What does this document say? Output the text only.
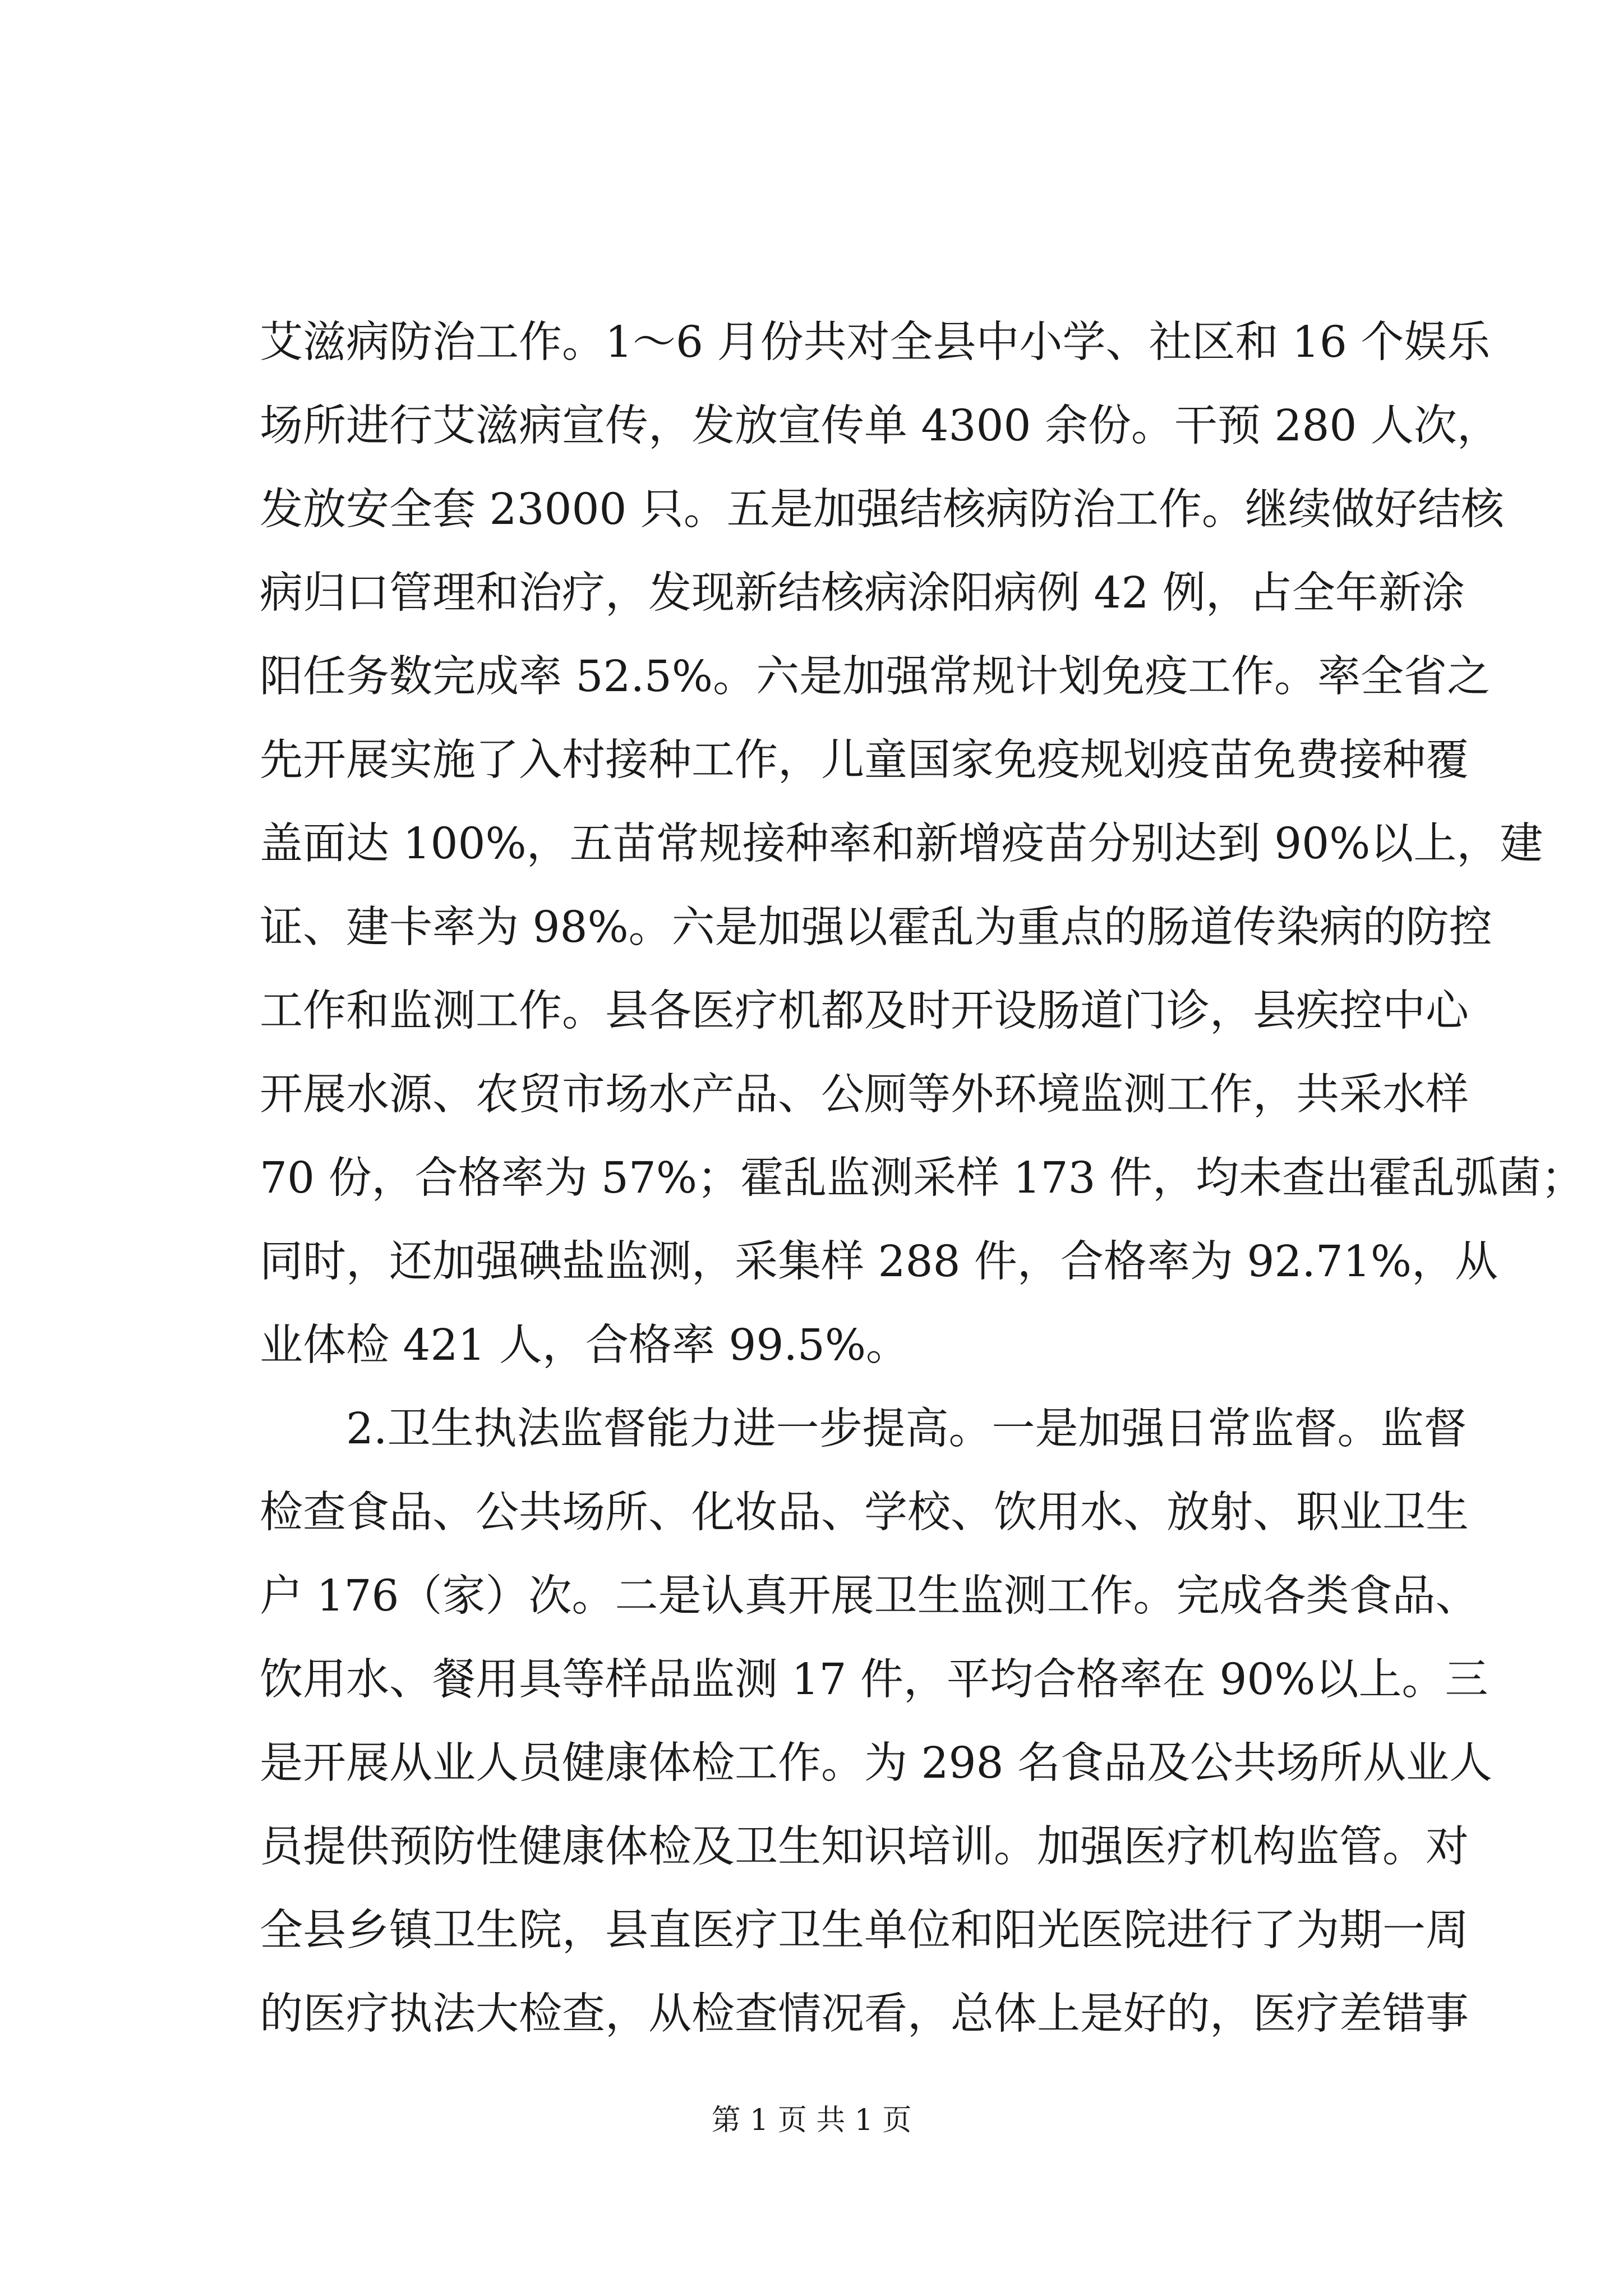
艾滋病防治工作。1～6 月份共对全县中小学、社区和 16 个娱乐
场所进行艾滋病宣传，发放宣传单 4300 余份。干预 280 人次，
发放安全套 23000 只。五是加强结核病防治工作。继续做好结核
病归口管理和治疗，发现新结核病涂阳病例 42 例，占全年新涂
阳任务数完成率 52.5%。六是加强常规计划免疫工作。率全省之
先开展实施了入村接种工作，儿童国家免疫规划疫苗免费接种覆
盖面达 100%，五苗常规接种率和新增疫苗分别达到 90%以上，建
证、建卡率为 98%。六是加强以霍乱为重点的肠道传染病的防控
工作和监测工作。县各医疗机都及时开设肠道门诊，县疾控中心
开展水源、农贸市场水产品、公厕等外环境监测工作，共采水样
70 份，合格率为 57%；霍乱监测采样 173 件，均未查出霍乱弧菌；
同时，还加强碘盐监测，采集样 288 件，合格率为 92.71%，从
业体检 421 人，合格率 99.5%。
　　2.卫生执法监督能力进一步提高。一是加强日常监督。监督
检查食品、公共场所、化妆品、学校、饮用水、放射、职业卫生
户 176（家）次。二是认真开展卫生监测工作。完成各类食品、
饮用水、餐用具等样品监测 17 件，平均合格率在 90%以上。三
是开展从业人员健康体检工作。为 298 名食品及公共场所从业人
员提供预防性健康体检及卫生知识培训。加强医疗机构监管。对
全县乡镇卫生院，县直医疗卫生单位和阳光医院进行了为期一周
的医疗执法大检查，从检查情况看，总体上是好的，医疗差错事
第 1 页 共 1 页
